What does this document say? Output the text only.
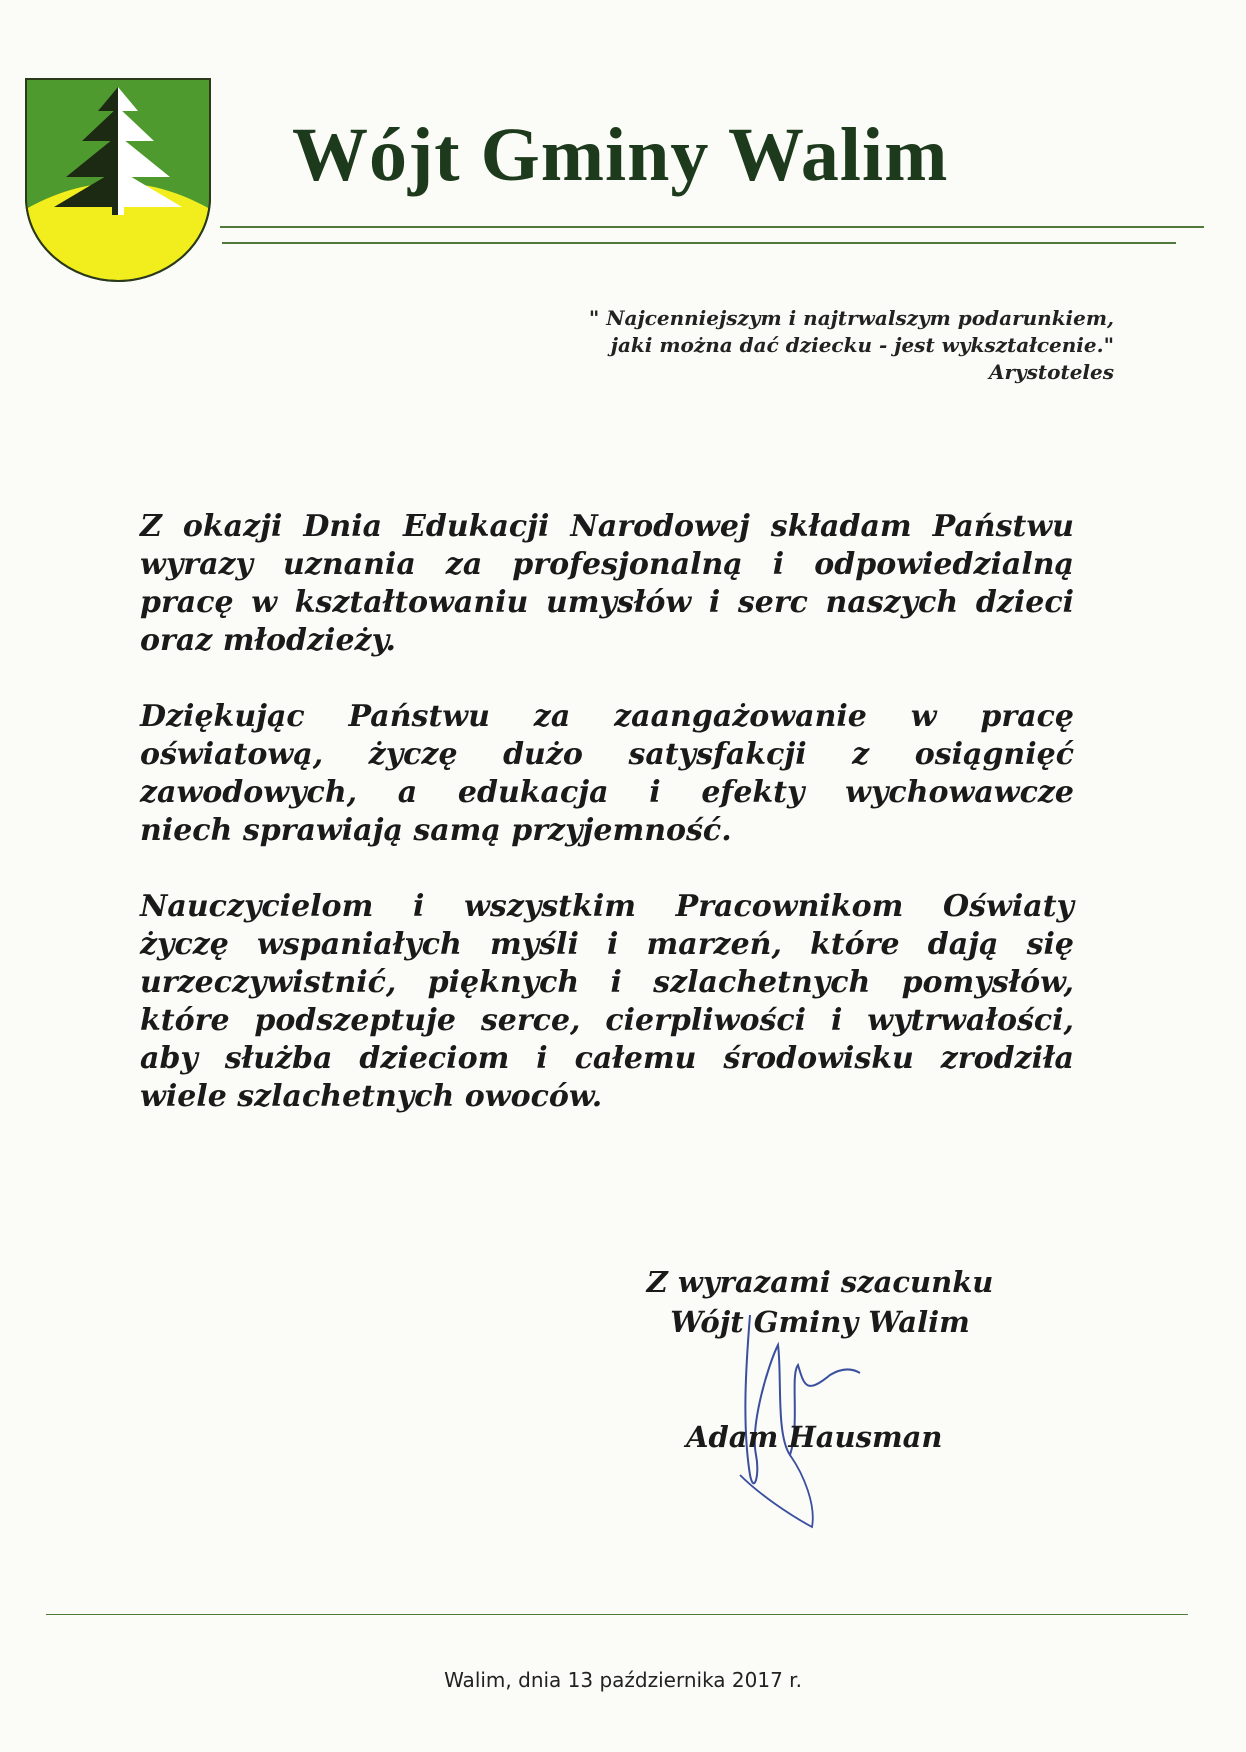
Wójt Gminy Walim
" Najcenniejszym i najtrwalszym podarunkiem,
jaki można dać dziecku - jest wykształcenie."
Arystoteles

Z okazji Dnia Edukacji Narodowej składam Państwu
wyrazy uznania za profesjonalną i odpowiedzialną
pracę w kształtowaniu umysłów i serc naszych dzieci
oraz młodzieży.

Dziękując Państwu za zaangażowanie w pracę
oświatową, życzę dużo satysfakcji z osiągnięć
zawodowych, a edukacja i efekty wychowawcze
niech sprawiają samą przyjemność.

Nauczycielom i wszystkim Pracownikom Oświaty
życzę wspaniałych myśli i marzeń, które dają się
urzeczywistnić, pięknych i szlachetnych pomysłów,
które podszeptuje serce, cierpliwości i wytrwałości,
aby służba dzieciom i całemu środowisku zrodziła
wiele szlachetnych owoców.

Z wyrazami szacunku
Wójt Gminy Walim
Adam Hausman
Walim, dnia 13 października 2017 r.
